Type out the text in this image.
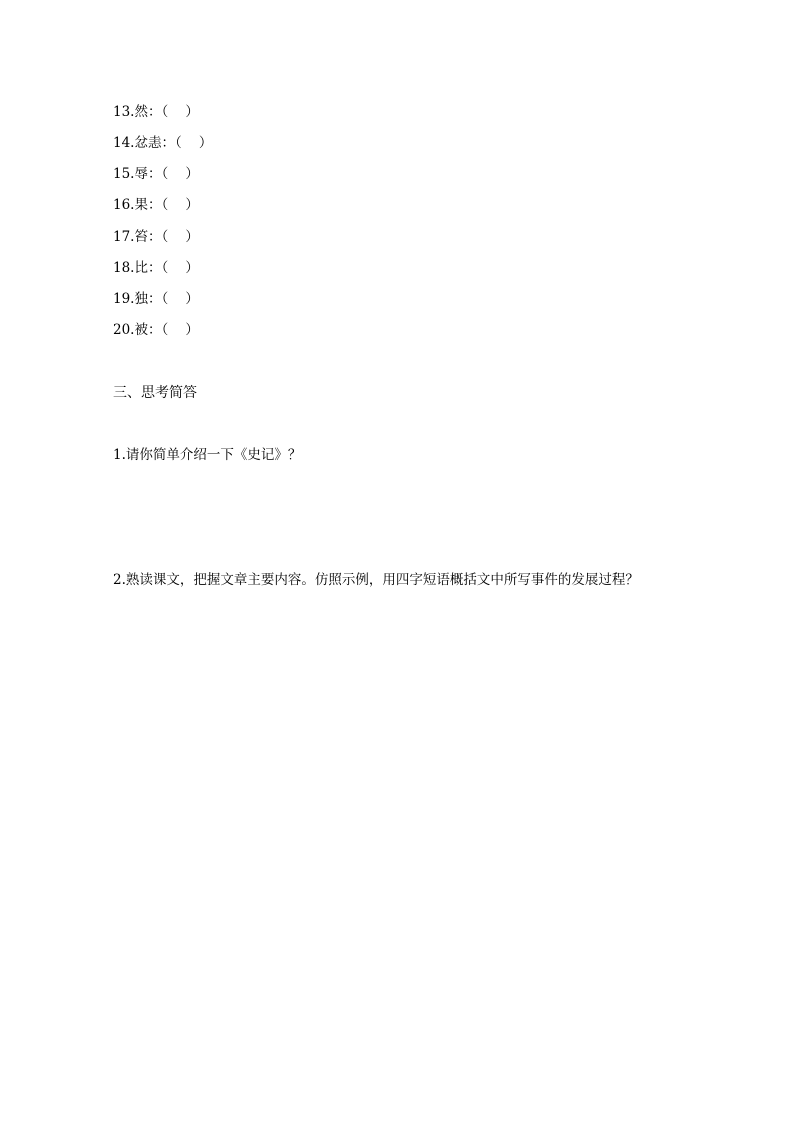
13.然：（    ）
14.忿恚：（    ）
15.辱：（    ）
16.果：（    ）
17.笞：（    ）
18.比：（    ）
19.独：（    ）
20.被：（    ）
三、思考简答
1.请你简单介绍一下《史记》？
2.熟读课文，把握文章主要内容。仿照示例，用四字短语概括文中所写事件的发展过程？
